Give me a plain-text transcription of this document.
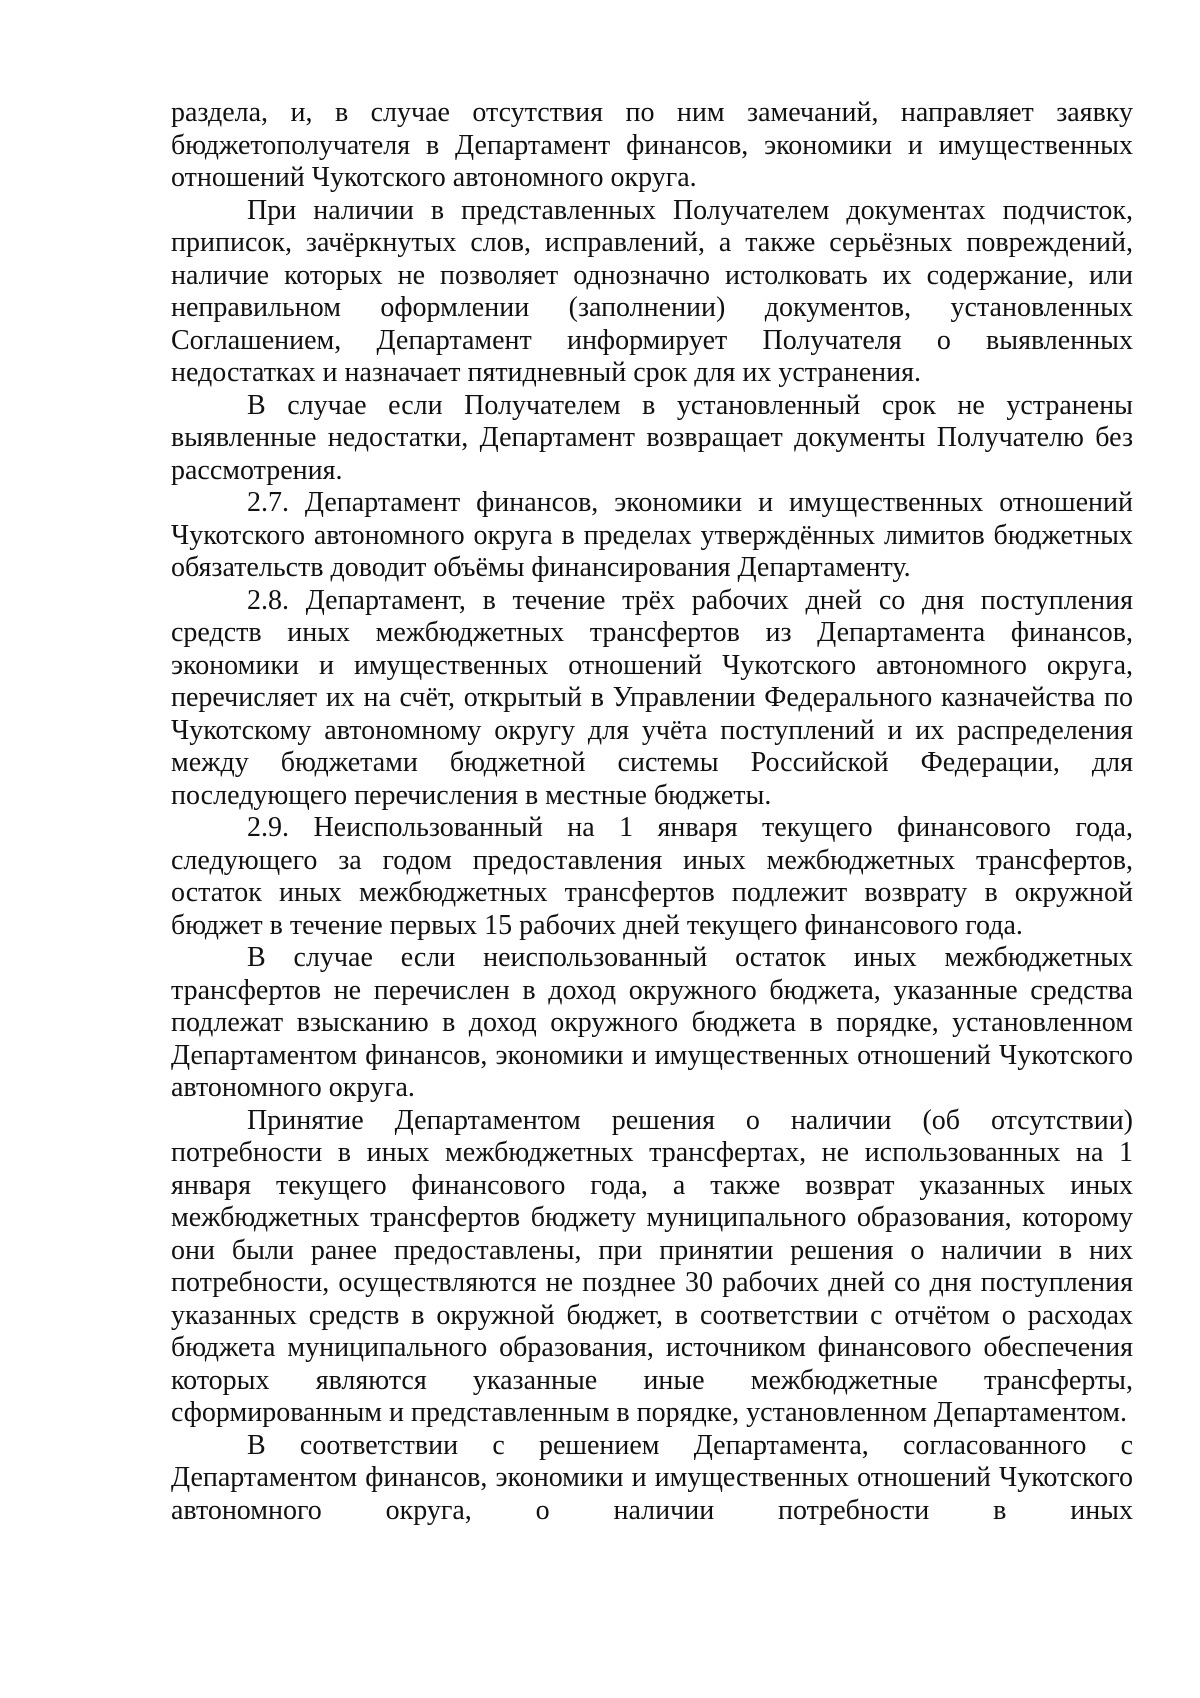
раздела, и, в случае отсутствия по ним замечаний, направляет заявку бюджетополучателя в Департамент финансов, экономики и имущественных отношений Чукотского автономного округа.

При наличии в представленных Получателем документах подчисток, приписок, зачёркнутых слов, исправлений, а также серьёзных повреждений, наличие которых не позволяет однозначно истолковать их содержание, или неправильном оформлении (заполнении) документов, установленных Соглашением, Департамент информирует Получателя о выявленных недостатках и назначает пятидневный срок для их устранения.

В случае если Получателем в установленный срок не устранены выявленные недостатки, Департамент возвращает документы Получателю без рассмотрения.

2.7. Департамент финансов, экономики и имущественных отношений Чукотского автономного округа в пределах утверждённых лимитов бюджетных обязательств доводит объёмы финансирования Департаменту.

2.8. Департамент, в течение трёх рабочих дней со дня поступления средств иных межбюджетных трансфертов из Департамента финансов, экономики и имущественных отношений Чукотского автономного округа, перечисляет их на счёт, открытый в Управлении Федерального казначейства по Чукотскому автономному округу для учёта поступлений и их распределения между бюджетами бюджетной системы Российской Федерации, для последующего перечисления в местные бюджеты.

2.9. Неиспользованный на 1 января текущего финансового года, следующего за годом предоставления иных межбюджетных трансфертов, остаток иных межбюджетных трансфертов подлежит возврату в окружной бюджет в течение первых 15 рабочих дней текущего финансового года.

В случае если неиспользованный остаток иных межбюджетных трансфертов не перечислен в доход окружного бюджета, указанные средства подлежат взысканию в доход окружного бюджета в порядке, установленном Департаментом финансов, экономики и имущественных отношений Чукотского автономного округа.

Принятие Департаментом решения о наличии (об отсутствии) потребности в иных межбюджетных трансфертах, не использованных на 1 января текущего финансового года, а также возврат указанных иных межбюджетных трансфертов бюджету муниципального образования, которому они были ранее предоставлены, при принятии решения о наличии в них потребности, осуществляются не позднее 30 рабочих дней со дня поступления указанных средств в окружной бюджет, в соответствии с отчётом о расходах бюджета муниципального образования, источником финансового обеспечения которых являются указанные иные межбюджетные трансферты, сформированным и представленным в порядке, установленном Департаментом.

В соответствии с решением Департамента, согласованного с Департаментом финансов, экономики и имущественных отношений Чукотского автономного округа, о наличии потребности в иных
